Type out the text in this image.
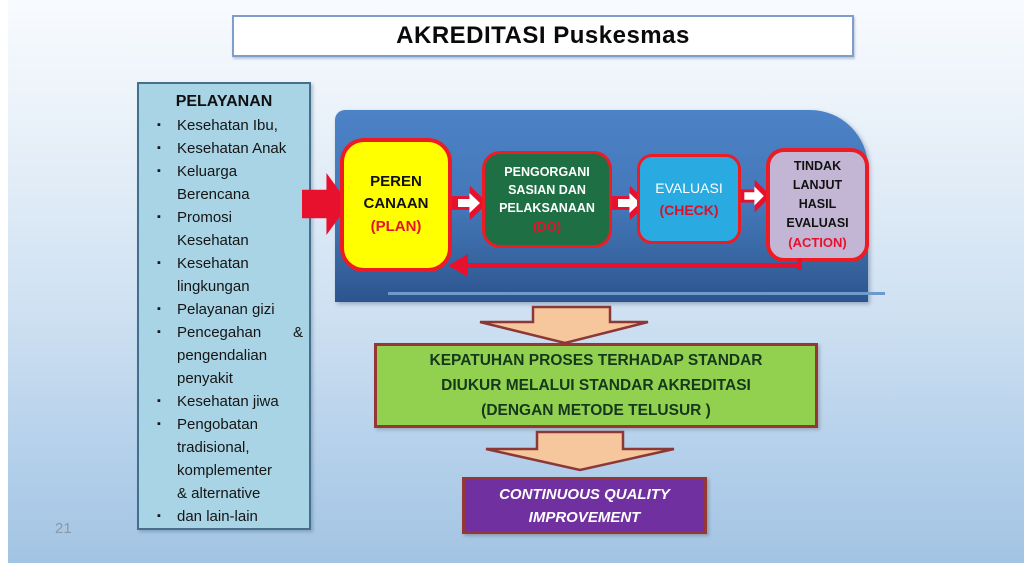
AKREDITASI Puskesmas
PELAYANAN
▪ Kesehatan Ibu,
▪ Kesehatan Anak
▪ Keluarga Berencana
▪ Promosi Kesehatan
▪ Kesehatan lingkungan
▪ Pelayanan gizi
▪ Pencegahan & pengendalian penyakit
▪ Kesehatan jiwa
▪ Pengobatan tradisional, komplementer & alternative
▪ dan lain-lain
PEREN
CANAAN
(PLAN)
PENGORGANI
SASIAN DAN
PELAKSANAAN
(DO)
EVALUASI
(CHECK)
TINDAK
LANJUT
HASIL
EVALUASI
(ACTION)
KEPATUHAN PROSES TERHADAP STANDAR
DIUKUR MELALUI STANDAR AKREDITASI
(DENGAN METODE TELUSUR )
CONTINUOUS QUALITY
IMPROVEMENT
21
